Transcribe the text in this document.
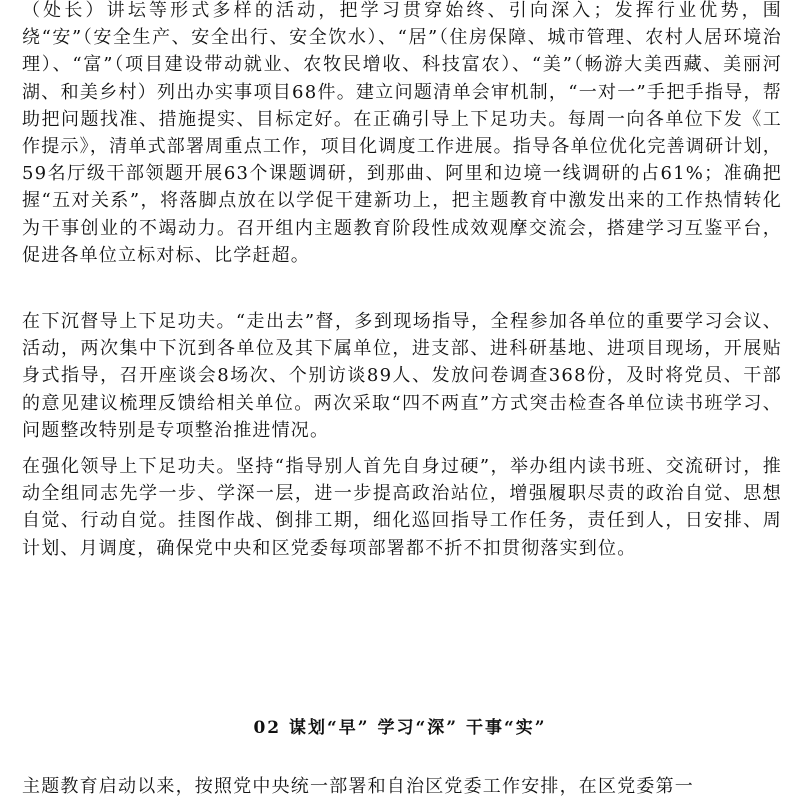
（处长）讲坛等形式多样的活动，把学习贯穿始终、引向深入；发挥行业优势，围绕“安”（安全生产、安全出行、安全饮水）、“居”（住房保障、城市管理、农村人居环境治理）、“富”（项目建设带动就业、农牧民增收、科技富农）、“美”（畅游大美西藏、美丽河湖、和美乡村）列出办实事项目68件。建立问题清单会审机制，“一对一”手把手指导，帮助把问题找准、措施提实、目标定好。在正确引导上下足功夫。每周一向各单位下发《工作提示》，清单式部署周重点工作，项目化调度工作进展。指导各单位优化完善调研计划，59名厅级干部领题开展63个课题调研，到那曲、阿里和边境一线调研的占61%；准确把握“五对关系”，将落脚点放在以学促干建新功上，把主题教育中激发出来的工作热情转化为干事创业的不竭动力。召开组内主题教育阶段性成效观摩交流会，搭建学习互鉴平台，促进各单位立标对标、比学赶超。

在下沉督导上下足功夫。“走出去”督，多到现场指导，全程参加各单位的重要学习会议、活动，两次集中下沉到各单位及其下属单位，进支部、进科研基地、进项目现场，开展贴身式指导，召开座谈会8场次、个别访谈89人、发放问卷调查368份，及时将党员、干部的意见建议梳理反馈给相关单位。两次采取“四不两直”方式突击检查各单位读书班学习、问题整改特别是专项整治推进情况。

在强化领导上下足功夫。坚持“指导别人首先自身过硬”，举办组内读书班、交流研讨，推动全组同志先学一步、学深一层，进一步提高政治站位，增强履职尽责的政治自觉、思想自觉、行动自觉。挂图作战、倒排工期，细化巡回指导工作任务，责任到人，日安排、周计划、月调度，确保党中央和区党委每项部署都不折不扣贯彻落实到位。

02 谋划“早” 学习“深” 干事“实”

主题教育启动以来，按照党中央统一部署和自治区党委工作安排，在区党委第一
